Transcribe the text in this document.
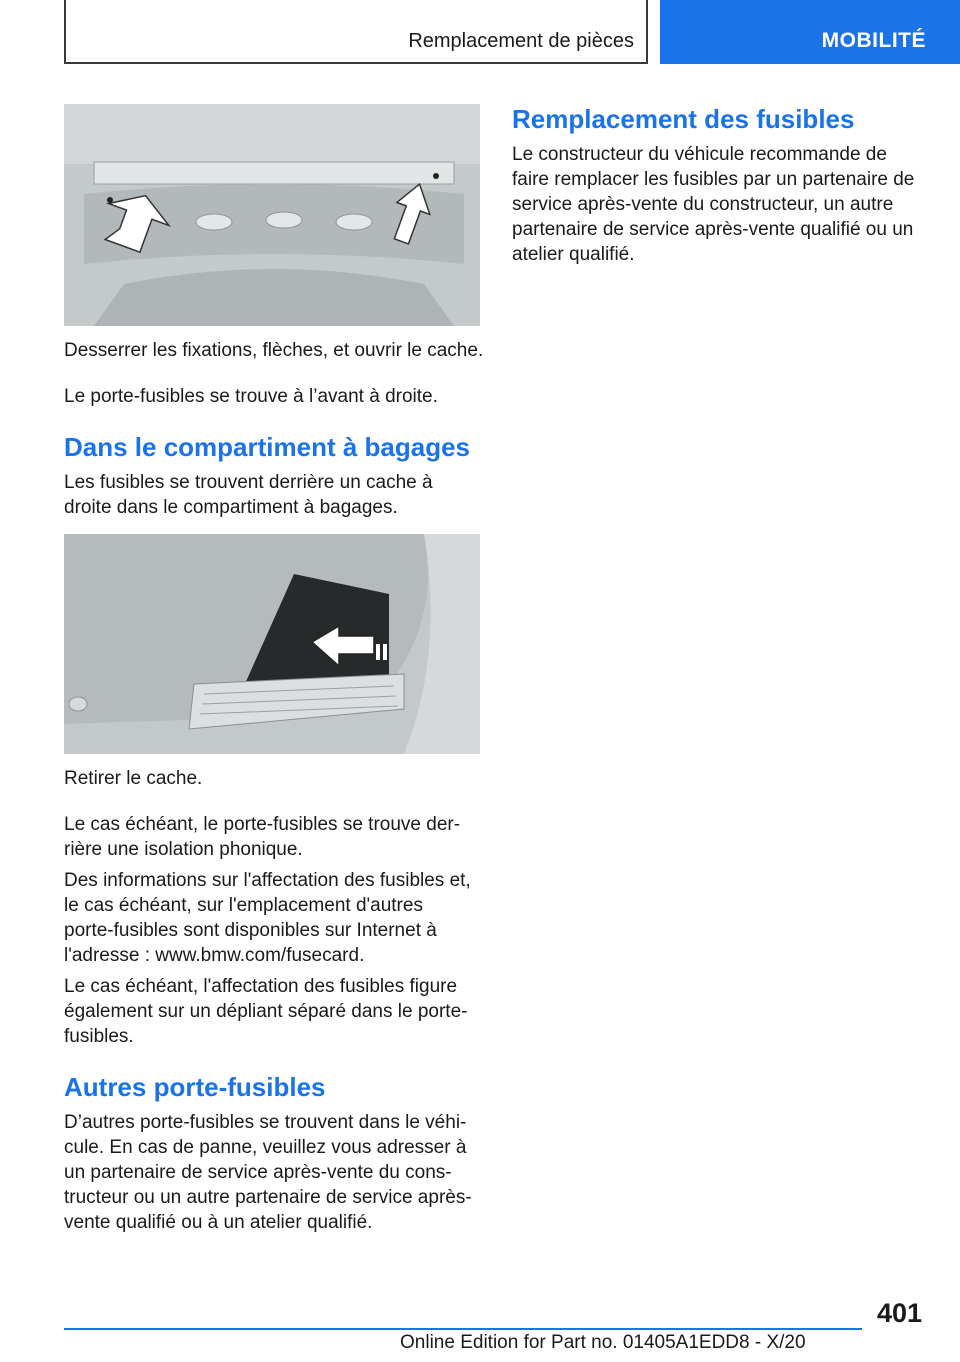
Remplacement de pièces	MOBILITÉ

Desserrer les fixations, flèches, et ouvrir le cache.

Le porte-fusibles se trouve à l’avant à droite.

Dans le compartiment à bagages

Les fusibles se trouvent derrière un cache à

droite dans le compartiment à bagages.

Retirer le cache.

Le cas échéant, le porte-fusibles se trouve der-

rière une isolation phonique.

Des informations sur l'affectation des fusibles et,

le cas échéant, sur l'emplacement d'autres

porte-fusibles sont disponibles sur Internet à

l'adresse : www.bmw.com/fusecard.

Le cas échéant, l'affectation des fusibles figure

également sur un dépliant séparé dans le porte-

fusibles.

Autres porte-fusibles

D’autres porte-fusibles se trouvent dans le véhi-

cule. En cas de panne, veuillez vous adresser à

un partenaire de service après-vente du cons-

tructeur ou un autre partenaire de service après-

vente qualifié ou à un atelier qualifié.

Remplacement des fusibles

Le constructeur du véhicule recommande de

faire remplacer les fusibles par un partenaire de

service après-vente du constructeur, un autre

partenaire de service après-vente qualifié ou un

atelier qualifié.

401
Online Edition for Part no. 01405A1EDD8 - X/20
